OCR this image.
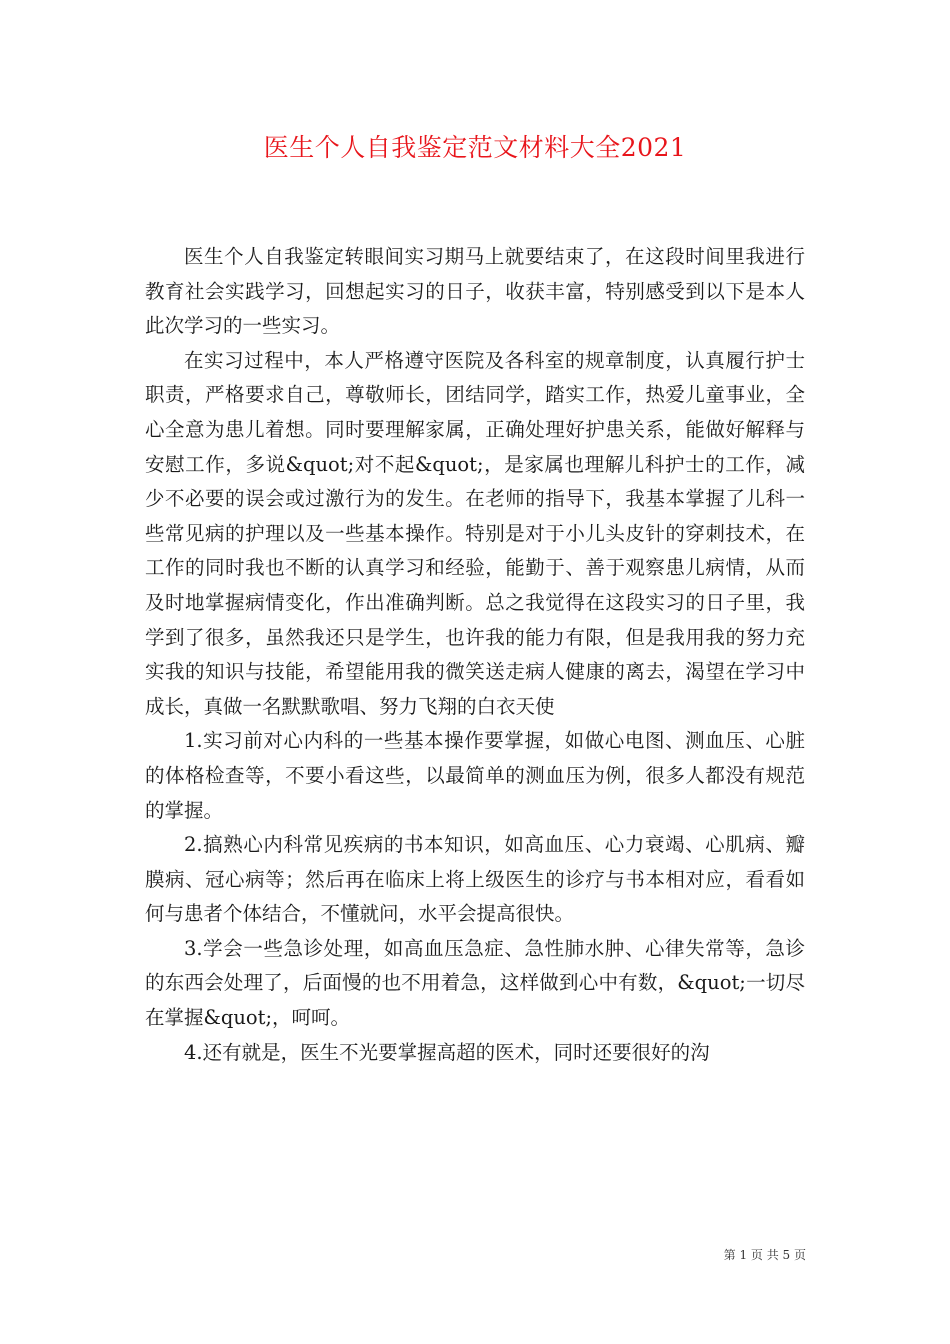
医生个人自我鉴定范文材料大全2021

医生个人自我鉴定转眼间实习期马上就要结束了，在这段时间里我进行教育社会实践学习，回想起实习的日子，收获丰富，特别感受到以下是本人此次学习的一些实习。

在实习过程中，本人严格遵守医院及各科室的规章制度，认真履行护士职责，严格要求自己，尊敬师长，团结同学，踏实工作，热爱儿童事业，全心全意为患儿着想。同时要理解家属，正确处理好护患关系，能做好解释与安慰工作，多说&quot;对不起&quot;，是家属也理解儿科护士的工作，减少不必要的误会或过激行为的发生。在老师的指导下，我基本掌握了儿科一些常见病的护理以及一些基本操作。特别是对于小儿头皮针的穿刺技术，在工作的同时我也不断的认真学习和经验，能勤于、善于观察患儿病情，从而及时地掌握病情变化，作出准确判断。总之我觉得在这段实习的日子里，我学到了很多，虽然我还只是学生，也许我的能力有限，但是我用我的努力充实我的知识与技能，希望能用我的微笑送走病人健康的离去，渴望在学习中成长，真做一名默默歌唱、努力飞翔的白衣天使

1.实习前对心内科的一些基本操作要掌握，如做心电图、测血压、心脏的体格检查等，不要小看这些，以最简单的测血压为例，很多人都没有规范的掌握。

2.搞熟心内科常见疾病的书本知识，如高血压、心力衰竭、心肌病、瓣膜病、冠心病等；然后再在临床上将上级医生的诊疗与书本相对应，看看如何与患者个体结合，不懂就问，水平会提高很快。

3.学会一些急诊处理，如高血压急症、急性肺水肿、心律失常等，急诊的东西会处理了，后面慢的也不用着急，这样做到心中有数，&quot;一切尽在掌握&quot;，呵呵。

4.还有就是，医生不光要掌握高超的医术，同时还要很好的沟

第 1 页 共 5 页
